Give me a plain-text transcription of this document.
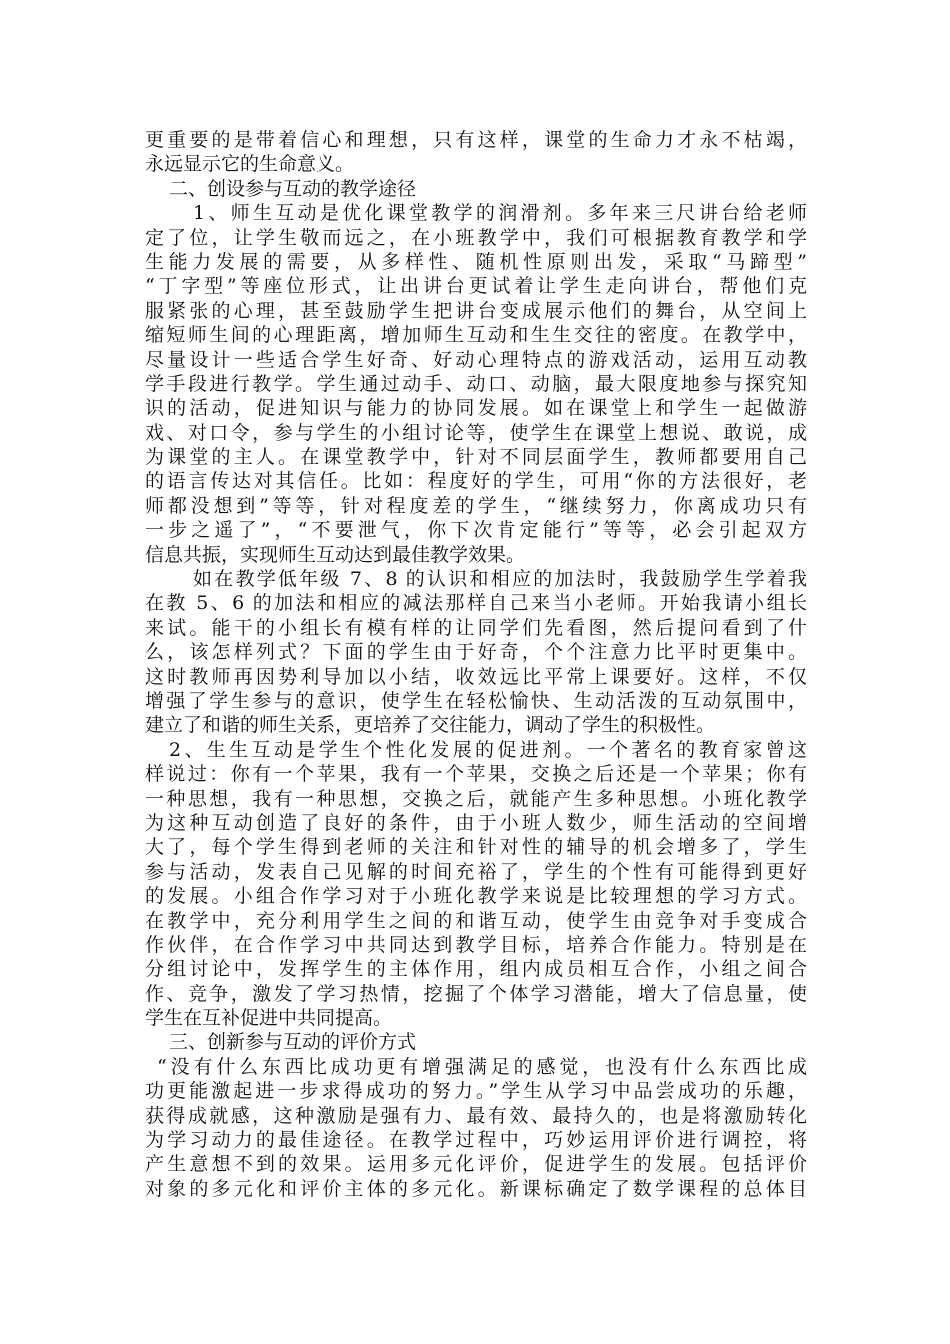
更重要的是带着信心和理想，只有这样，课堂的生命力才永不枯竭，
永远显示它的生命意义。
二、创设参与互动的教学途径
1、师生互动是优化课堂教学的润滑剂。多年来三尺讲台给老师
定了位，让学生敬而远之，在小班教学中，我们可根据教育教学和学
生能力发展的需要，从多样性、随机性原则出发，采取“马蹄型”
“丁字型”等座位形式，让出讲台更试着让学生走向讲台，帮他们克
服紧张的心理，甚至鼓励学生把讲台变成展示他们的舞台，从空间上
缩短师生间的心理距离，增加师生互动和生生交往的密度。在教学中，
尽量设计一些适合学生好奇、好动心理特点的游戏活动，运用互动教
学手段进行教学。学生通过动手、动口、动脑，最大限度地参与探究知
识的活动，促进知识与能力的协同发展。如在课堂上和学生一起做游
戏、对口令，参与学生的小组讨论等，使学生在课堂上想说、敢说，成
为课堂的主人。在课堂教学中，针对不同层面学生，教师都要用自己
的语言传达对其信任。比如：程度好的学生，可用“你的方法很好，老
师都没想到”等等，针对程度差的学生，“继续努力，你离成功只有
一步之遥了”，“不要泄气，你下次肯定能行”等等，必会引起双方
信息共振，实现师生互动达到最佳教学效果。
如在教学低年级 7、8 的认识和相应的加法时，我鼓励学生学着我
在教 5、6 的加法和相应的减法那样自己来当小老师。开始我请小组长
来试。能干的小组长有模有样的让同学们先看图，然后提问看到了什
么，该怎样列式？下面的学生由于好奇，个个注意力比平时更集中。
这时教师再因势利导加以小结，收效远比平常上课要好。这样，不仅
增强了学生参与的意识，使学生在轻松愉快、生动活泼的互动氛围中，
建立了和谐的师生关系，更培养了交往能力，调动了学生的积极性。
2、生生互动是学生个性化发展的促进剂。一个著名的教育家曾这
样说过：你有一个苹果，我有一个苹果，交换之后还是一个苹果；你有
一种思想，我有一种思想，交换之后，就能产生多种思想。小班化教学
为这种互动创造了良好的条件，由于小班人数少，师生活动的空间增
大了，每个学生得到老师的关注和针对性的辅导的机会增多了，学生
参与活动，发表自己见解的时间充裕了，学生的个性有可能得到更好
的发展。小组合作学习对于小班化教学来说是比较理想的学习方式。
在教学中，充分利用学生之间的和谐互动，使学生由竞争对手变成合
作伙伴，在合作学习中共同达到教学目标，培养合作能力。特别是在
分组讨论中，发挥学生的主体作用，组内成员相互合作，小组之间合
作、竞争，激发了学习热情，挖掘了个体学习潜能，增大了信息量，使
学生在互补促进中共同提高。
三、创新参与互动的评价方式
“没有什么东西比成功更有增强满足的感觉，也没有什么东西比成
功更能激起进一步求得成功的努力。”学生从学习中品尝成功的乐趣，
获得成就感，这种激励是强有力、最有效、最持久的，也是将激励转化
为学习动力的最佳途径。在教学过程中，巧妙运用评价进行调控，将
产生意想不到的效果。运用多元化评价，促进学生的发展。包括评价
对象的多元化和评价主体的多元化。新课标确定了数学课程的总体目
